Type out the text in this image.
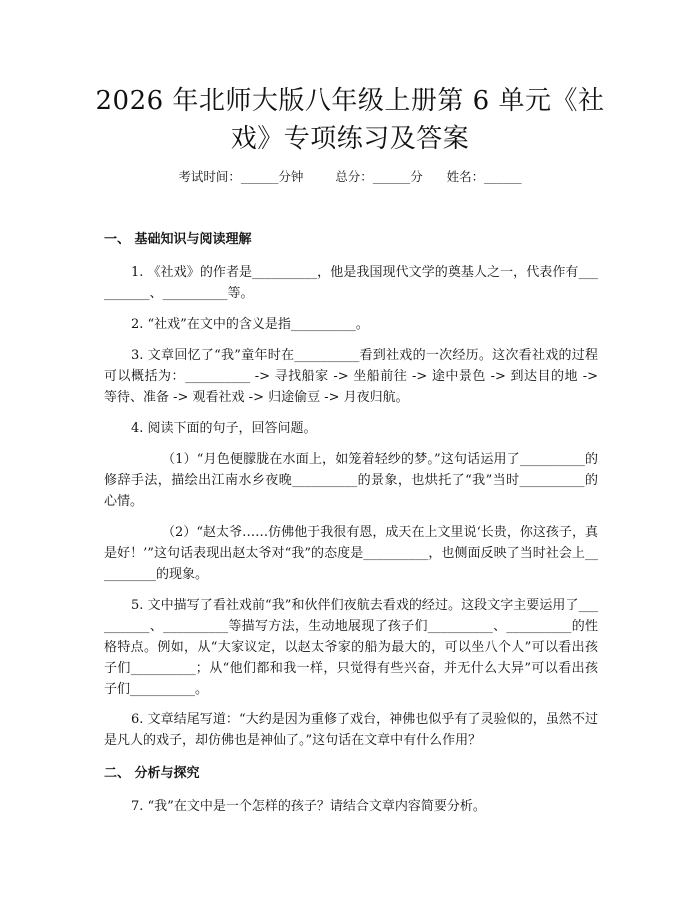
2026 年北师大版八年级上册第 6 单元《社
戏》专项练习及答案
考试时间：______分钟	总分：______分 姓名：______
一、 基础知识与阅读理解
1. 《社戏》的作者是__________，他是我国现代文学的奠基人之一，代表作有__________、__________等。
2. “社戏”在文中的含义是指__________。
3. 文章回忆了“我”童年时在__________看到社戏的一次经历。这次看社戏的过程可以概括为：__________ -> 寻找船家 -> 坐船前往 -> 途中景色 -> 到达目的地 -> 等待、准备 -> 观看社戏 -> 归途偷豆 -> 月夜归航。
4. 阅读下面的句子，回答问题。
（1）“月色便朦胧在水面上，如笼着轻纱的梦。”这句话运用了__________的修辞手法，描绘出江南水乡夜晚__________的景象，也烘托了“我”当时__________的心情。
（2）“赵太爷……仿佛他于我很有恩，成天在上文里说‘长贵，你这孩子，真是好！’”这句话表现出赵太爷对“我”的态度是__________，也侧面反映了当时社会上__________的现象。
5. 文中描写了看社戏前“我”和伙伴们夜航去看戏的经过。这段文字主要运用了__________、__________等描写方法，生动地展现了孩子们__________、__________的性格特点。例如，从“大家议定，以赵太爷家的船为最大的，可以坐八个人”可以看出孩子们__________；从“他们都和我一样，只觉得有些兴奋，并无什么大异”可以看出孩子们__________。
6. 文章结尾写道：“大约是因为重修了戏台，神佛也似乎有了灵验似的，虽然不过是凡人的戏子，却仿佛也是神仙了。”这句话在文章中有什么作用？
二、 分析与探究
7. “我”在文中是一个怎样的孩子？请结合文章内容简要分析。
